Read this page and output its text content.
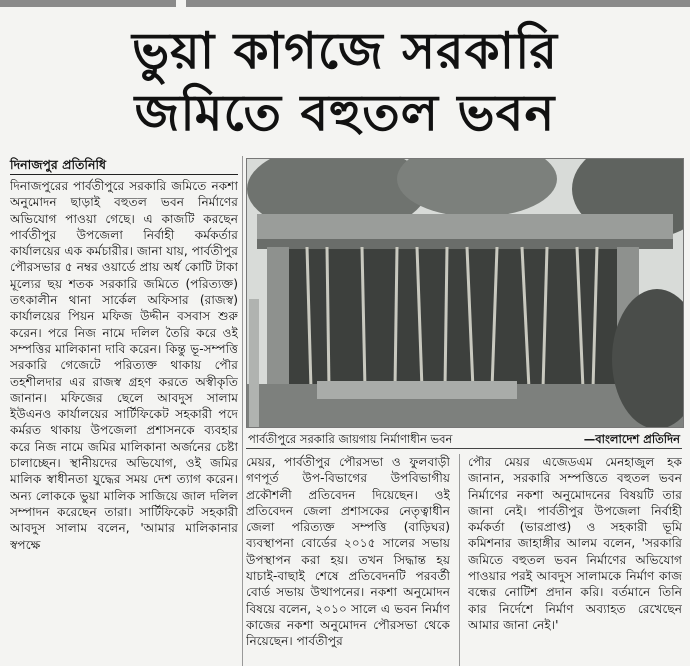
ভুয়া কাগজে সরকারি
জমিতে বহুতল ভবন
দিনাজপুর প্রতিনিধি
দিনাজপুরের পার্বতীপুরে সরকারি জমিতে নকশা অনুমোদন ছাড়াই বহুতল ভবন নির্মাণের অভিযোগ পাওয়া গেছে। এ কাজটি করছেন পার্বতীপুর উপজেলা নির্বাহী কর্মকর্তার কার্যালয়ের এক কর্মচারীর। জানা যায়, পার্বতীপুর পৌরসভার ৫ নম্বর ওয়ার্ডে প্রায় অর্ধ কোটি টাকা মূল্যের ছয় শতক সরকারি জমিতে (পরিত্যক্ত) তৎকালীন থানা সার্কেল অফিসার (রাজস্ব) কার্যালয়ের পিয়ন মফিজ উদ্দীন বসবাস শুরু করেন। পরে নিজ নামে দলিল তৈরি করে ওই সম্পত্তির মালিকানা দাবি করেন। কিন্তু ভূ-সম্পত্তি সরকারি গেজেটে পরিত্যক্ত থাকায় পৌর তহশীলদার এর রাজস্ব গ্রহণ করতে অস্বীকৃতি জানান। মফিজের ছেলে আবদুস সালাম ইউএনও কার্যালয়ের সার্টিফিকেট সহকারী পদে কর্মরত থাকায় উপজেলা প্রশাসনকে ব্যবহার করে নিজ নামে জমির মালিকানা অর্জনের চেষ্টা চালাচ্ছেন। স্থানীয়দের অভিযোগ, ওই জমির মালিক স্বাধীনতা যুদ্ধের সময় দেশ ত্যাগ করেন। অন্য লোককে ভুয়া মালিক সাজিয়ে জাল দলিল সম্পাদন করেছেন তারা। সার্টিফিকেট সহকারী আবদুস সালাম বলেন, 'আমার মালিকানার স্বপক্ষে
পার্বতীপুরে সরকারি জায়গায় নির্মাণাধীন ভবন	—বাংলাদেশ প্রতিদিন
মেয়র, পার্বতীপুর পৌরসভা ও ফুলবাড়ী গণপূর্ত উপ-বিভাগের উপবিভাগীয় প্রকৌশলী প্রতিবেদন দিয়েছেন। ওই প্রতিবেদন জেলা প্রশাসকের নেতৃত্বাধীন জেলা পরিত্যক্ত সম্পত্তি (বাড়িঘর) ব্যবস্থাপনা বোর্ডের ২০১৫ সালের সভায় উপস্থাপন করা হয়। তখন সিদ্ধান্ত হয় যাচাই-বাছাই শেষে প্রতিবেদনটি পরবর্তী বোর্ড সভায় উত্থাপনের। নকশা অনুমোদন বিষয়ে বলেন, ২০১০ সালে এ ভবন নির্মাণ কাজের নকশা অনুমোদন পৌরসভা থেকে নিয়েছেন। পার্বতীপুর
পৌর মেয়র এজেডএম মেনহাজুল হক জানান, সরকারি সম্পত্তিতে বহুতল ভবন নির্মাণের নকশা অনুমোদনের বিষয়টি তার জানা নেই। পার্বতীপুর উপজেলা নির্বাহী কর্মকর্তা (ভারপ্রাপ্ত) ও সহকারী ভূমি কমিশনার জাহাঙ্গীর আলম বলেন, 'সরকারি জমিতে বহুতল ভবন নির্মাণের অভিযোগ পাওয়ার পরই আবদুস সালামকে নির্মাণ কাজ বন্ধের নোটিশ প্রদান করি। বর্তমানে তিনি কার নির্দেশে নির্মাণ অব্যাহত রেখেছেন আমার জানা নেই।'
